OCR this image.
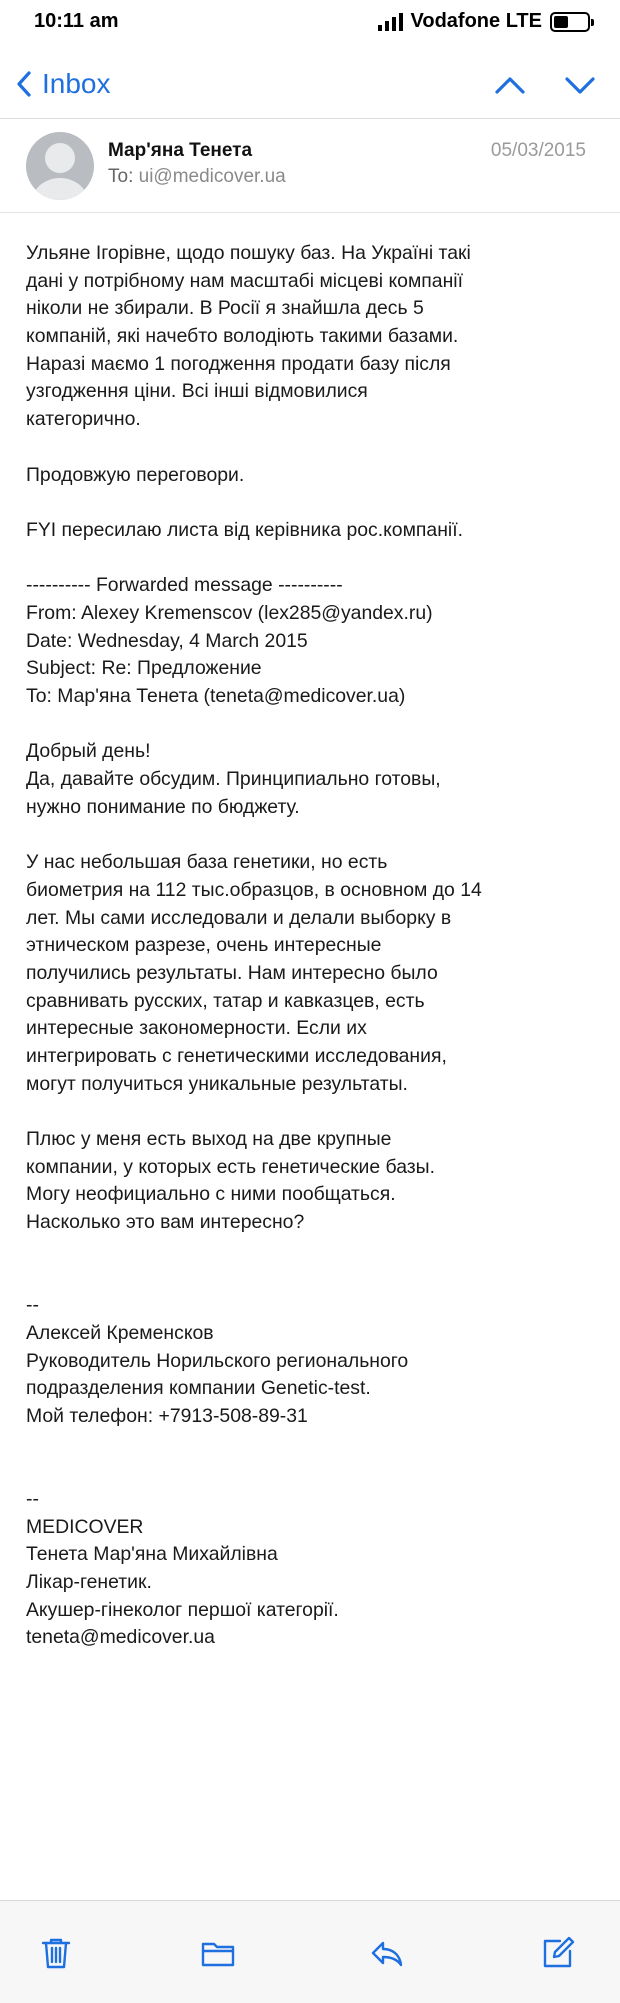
10:11 am	Vodafone LTE
Inbox
Мар'яна Тенета
To: ui@medicover.ua
05/03/2015
Ульяне Ігорівне, щодо пошуку баз. На Україні такі
дані у потрібному нам масштабі місцеві компанії
ніколи не збирали. В Росії я знайшла десь 5
компаній, які начебто володіють такими базами.
Наразі маємо 1 погодження продати базу після
узгодження ціни. Всі інші відмовилися
категорично.
Продовжую переговори.
FYI пересилаю листа від керівника рос.компанії.
---------- Forwarded message ----------
From: Alexey Kremenscov (lex285@yandex.ru)
Date: Wednesday, 4 March 2015
Subject: Re: Предложение
To: Мар'яна Тенета (teneta@medicover.ua)
Добрый день!
Да, давайте обсудим. Принципиально готовы,
нужно понимание по бюджету.
У нас небольшая база генетики, но есть
биометрия на 112 тыс.образцов, в основном до 14
лет. Мы сами исследовали и делали выборку в
этническом разрезе, очень интересные
получились результаты. Нам интересно было
сравнивать русских, татар и кавказцев, есть
интересные закономерности. Если их
интегрировать с генетическими исследования,
могут получиться уникальные результаты.
Плюс у меня есть выход на две крупные
компании, у которых есть генетические базы.
Могу неофициально с ними пообщаться.
Насколько это вам интересно?
--
Алексей Кременсков
Руководитель Норильского регионального
подразделения компании Genetic-test.
Мой телефон: +7913-508-89-31
--
MEDICOVER
Тенета Мар'яна Михайлівна
Лікар-генетик.
Акушер-гінеколог першої категорії.
teneta@medicover.ua
